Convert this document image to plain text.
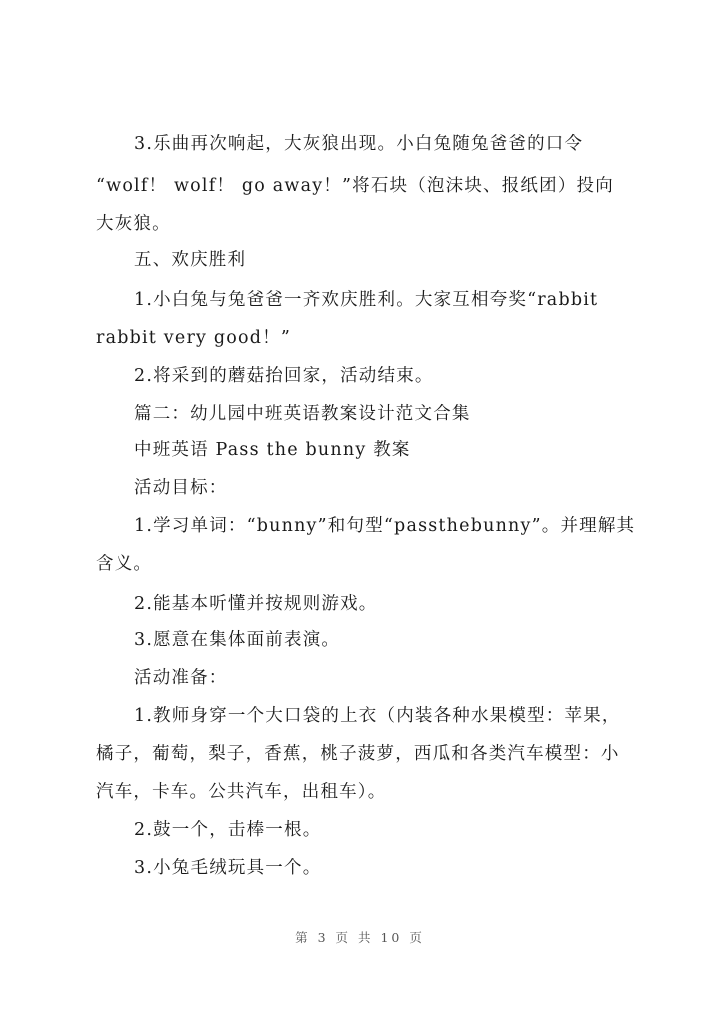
3.乐曲再次响起，大灰狼出现。小白兔随兔爸爸的口令
“wolf！ wolf！ go away！”将石块（泡沫块、报纸团）投向
大灰狼。
五、欢庆胜利
1.小白兔与兔爸爸一齐欢庆胜利。大家互相夸奖“rabbit
rabbit very good！”
2.将采到的蘑菇抬回家，活动结束。
篇二：幼儿园中班英语教案设计范文合集
中班英语 Pass the bunny 教案
活动目标：
1.学习单词：“bunny”和句型“passthebunny”。并理解其
含义。
2.能基本听懂并按规则游戏。
3.愿意在集体面前表演。
活动准备：
1.教师身穿一个大口袋的上衣（内装各种水果模型：苹果，
橘子，葡萄，梨子，香蕉，桃子菠萝，西瓜和各类汽车模型：小
汽车，卡车。公共汽车，出租车）。
2.鼓一个，击棒一根。
3.小兔毛绒玩具一个。
第 3 页 共 10 页
